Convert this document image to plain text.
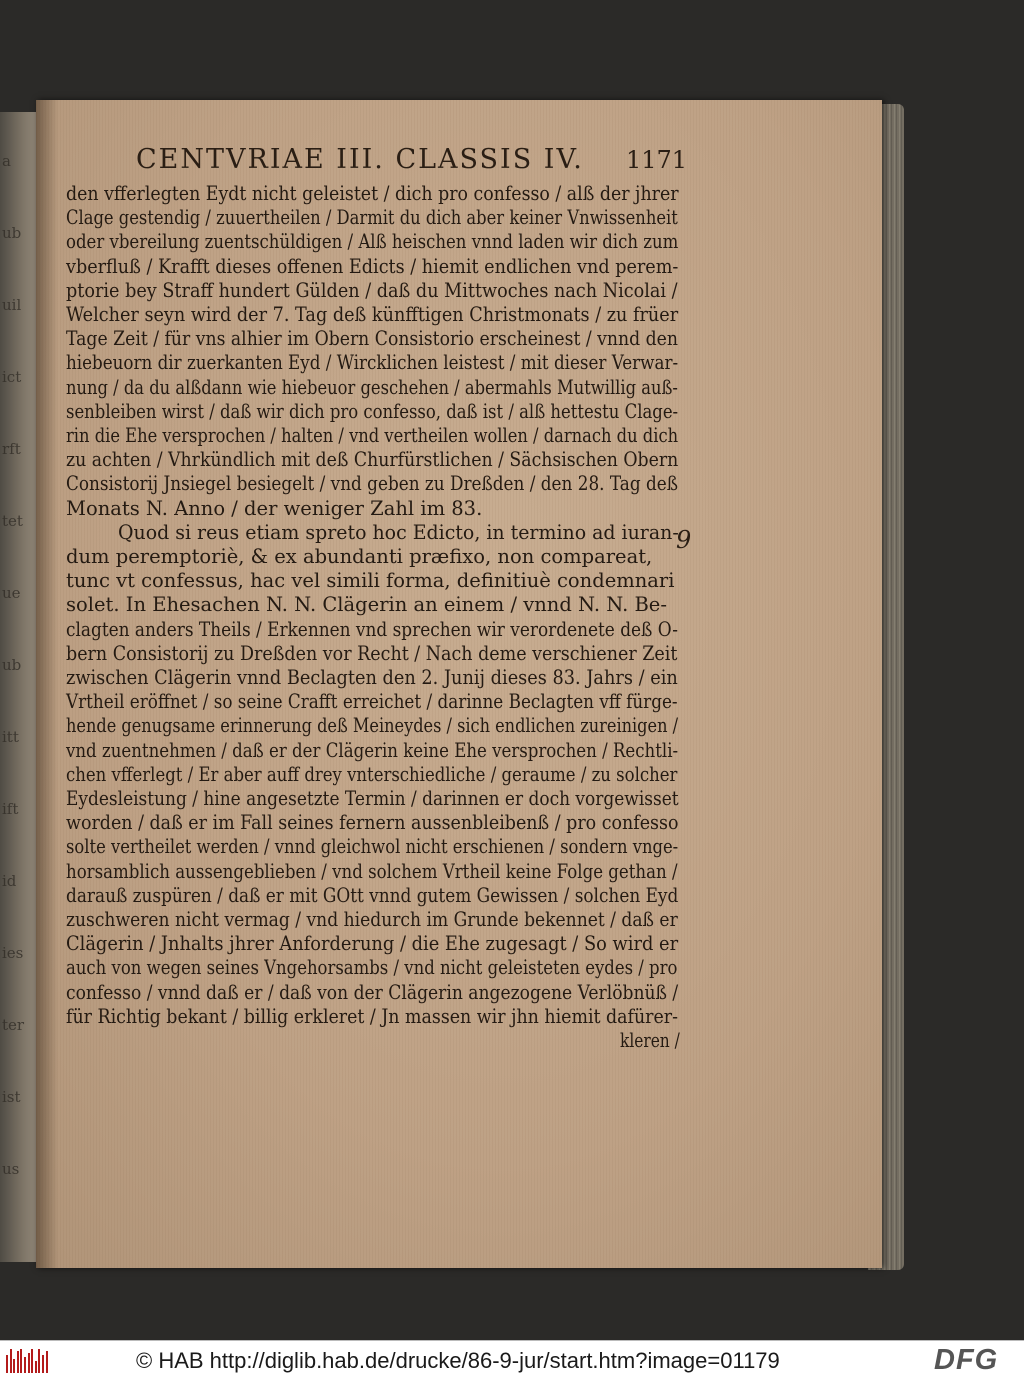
a
ub
uil
ict
rft
tet
ue
ub
itt
ift
id
ies
ter
ist
us
CENTVRIAE III. CLASSIS IV.	1171
9
den vfferlegten Eydt nicht geleistet / dich pro confesso / alß der jhrer
Clage gestendig / zuuertheilen / Darmit du dich aber keiner Vnwissenheit
oder vbereilung zuentschüldigen / Alß heischen vnnd laden wir dich zum
vberfluß / Krafft dieses offenen Edicts / hiemit endlichen vnd perem-
ptorie bey Straff hundert Gülden / daß du Mittwoches nach Nicolai /
Welcher seyn wird der 7. Tag deß künfftigen Christmonats / zu früer
Tage Zeit / für vns alhier im Obern Consistorio erscheinest / vnnd den
hiebeuorn dir zuerkanten Eyd / Wircklichen leistest / mit dieser Verwar-
nung / da du alßdann wie hiebeuor geschehen / abermahls Mutwillig auß-
senbleiben wirst / daß wir dich pro confesso, daß ist / alß hettestu Clage-
rin die Ehe versprochen / halten / vnd vertheilen wollen / darnach du dich
zu achten / Vhrkündlich mit deß Churfürstlichen / Sächsischen Obern
Consistorij Jnsiegel besiegelt / vnd geben zu Dreßden / den 28. Tag deß
Monats N. Anno / der weniger Zahl im 83.
Quod si reus etiam spreto hoc Edicto, in termino ad iuran-
dum peremptoriè, & ex abundanti præfixo, non compareat,
tunc vt confessus, hac vel simili forma, definitiuè condemnari
solet. In Ehesachen N. N. Clägerin an einem / vnnd N. N. Be-
clagten anders Theils / Erkennen vnd sprechen wir verordenete deß O-
bern Consistorij zu Dreßden vor Recht / Nach deme verschiener Zeit
zwischen Clägerin vnnd Beclagten den 2. Junij dieses 83. Jahrs / ein
Vrtheil eröffnet / so seine Crafft erreichet / darinne Beclagten vff fürge-
hende genugsame erinnerung deß Meineydes / sich endlichen zureinigen /
vnd zuentnehmen / daß er der Clägerin keine Ehe versprochen / Rechtli-
chen vfferlegt / Er aber auff drey vnterschiedliche / geraume / zu solcher
Eydesleistung / hine angesetzte Termin / darinnen er doch vorgewisset
worden / daß er im Fall seines fernern aussenbleibenß / pro confesso
solte vertheilet werden / vnnd gleichwol nicht erschienen / sondern vnge-
horsamblich aussengeblieben / vnd solchem Vrtheil keine Folge gethan /
darauß zuspüren / daß er mit GOtt vnnd gutem Gewissen / solchen Eyd
zuschweren nicht vermag / vnd hiedurch im Grunde bekennet / daß er
Clägerin / Jnhalts jhrer Anforderung / die Ehe zugesagt / So wird er
auch von wegen seines Vngehorsambs / vnd nicht geleisteten eydes / pro
confesso / vnnd daß er / daß von der Clägerin angezogene Verlöbnüß /
für Richtig bekant / billig erkleret / Jn massen wir jhn hiemit dafürer-
kleren /
© HAB http://diglib.hab.de/drucke/86-9-jur/start.htm?image=01179	DFG
